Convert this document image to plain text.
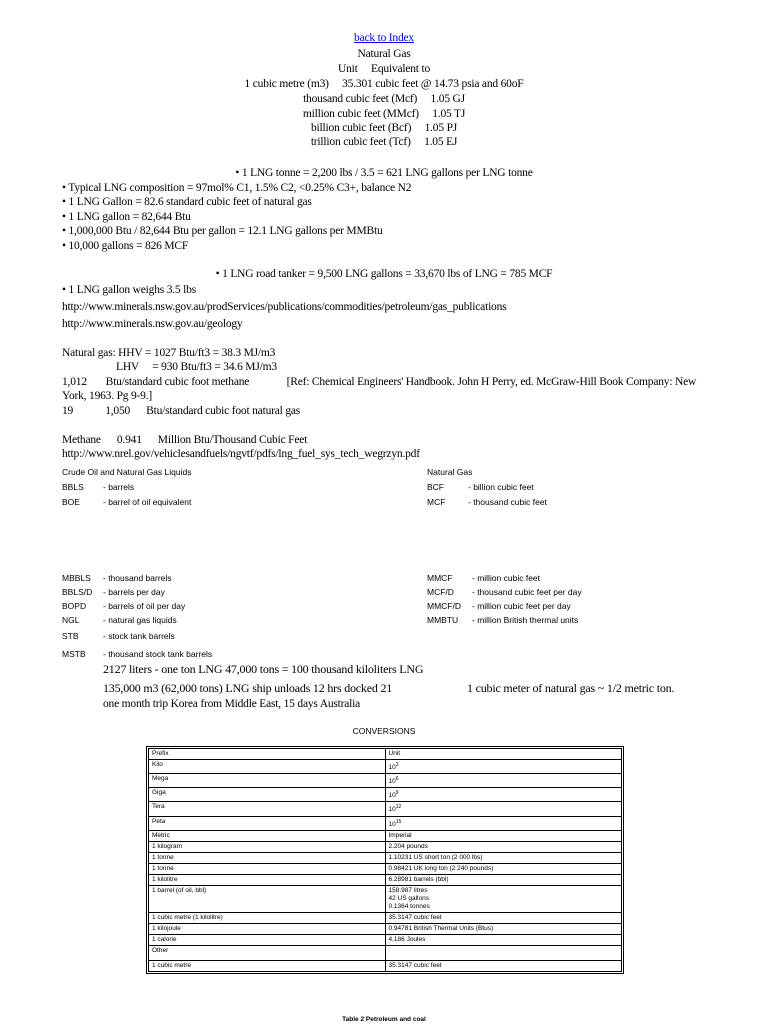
back to Index
Natural Gas
Unit     Equivalent to
1 cubic metre (m3)     35.301 cubic feet @ 14.73 psia and 60oF
thousand cubic feet (Mcf)     1.05 GJ
million cubic feet (MMcf)     1.05 TJ
billion cubic feet (Bcf)     1.05 PJ
trillion cubic feet (Tcf)     1.05 EJ
• 1 LNG tonne = 2,200 lbs / 3.5 = 621 LNG gallons per LNG tonne
• Typical LNG composition = 97mol% C1, 1.5% C2, <0.25% C3+, balance N2
• 1 LNG Gallon = 82.6 standard cubic feet of natural gas
• 1 LNG gallon = 82,644 Btu
• 1,000,000 Btu / 82,644 Btu per gallon = 12.1 LNG gallons per MMBtu
• 10,000 gallons = 826 MCF
• 1 LNG road tanker = 9,500 LNG gallons = 33,670 lbs of LNG = 785 MCF
• 1 LNG gallon weighs 3.5 lbs
http://www.minerals.nsw.gov.au/prodServices/publications/commodities/petroleum/gas_publications
http://www.minerals.nsw.gov.au/geology
Natural gas: HHV = 1027 Btu/ft3 = 38.3 MJ/m3
LHV     = 930 Btu/ft3 = 34.6 MJ/m3
1,012       Btu/standard cubic foot methane              [Ref: Chemical Engineers' Handbook. John H Perry, ed. McGraw-Hill Book Company: New
York, 1963. Pg 9-9.]
19            1,050      Btu/standard cubic foot natural gas
Methane      0.941      Million Btu/Thousand Cubic Feet
http://www.nrel.gov/vehiclesandfuels/ngvtf/pdfs/lng_fuel_sys_tech_wegrzyn.pdf
Crude Oil and Natural Gas Liquids	Natural Gas
BBLS - barrels
BOE	- barrel of oil equivalent
BCF	- billion cubic feet
MCF	- thousand cubic feet
MBBLS - thousand barrels
BBLS/D - barrels per day
BOPD - barrels of oil per day
NGL	- natural gas liquids
STB	- stock tank barrels
MMCF - million cubic feet
MCF/D - thousand cubic feet per day
MMCF/D - million cubic feet per day
MMBTU - million British thermal units
MSTB - thousand stock tank barrels
2127 liters - one ton LNG 47,000 tons = 100 thousand kiloliters LNG
135,000 m3 (62,000 tons) LNG ship unloads 12 hrs docked 21	1 cubic meter of natural gas ~ 1/2 metric ton.
one month trip Korea from Middle East, 15 days Australia
CONVERSIONS
Prefix	Unit
Kilo	$10^3$
Mega	$10^6$
Giga	$10^9$
Tera	$10^{12}$
Peta	$10^{15}$
Metric	Imperial
1 kilogram	2.204 pounds
1 tonne	1.10231 US short ton (2 000 lbs)
1 tonne	0.98421 UK long ton (2 240 pounds)
1 kilolitre	6.28981 barrels (bbl)
1 barrel (of oil, bbl)	158.987 litres
42 US gallons
0.1364 tonnes

1 cubic metre (1 kilolitre)	35.3147 cubic feet
1 kilojoule	0.94781 British Thermal Units (Btus)
1 calorie	4.186 Joules
Other	
1 cubic metre	35.3147 cubic feet
Table 2 Petroleum and coal
